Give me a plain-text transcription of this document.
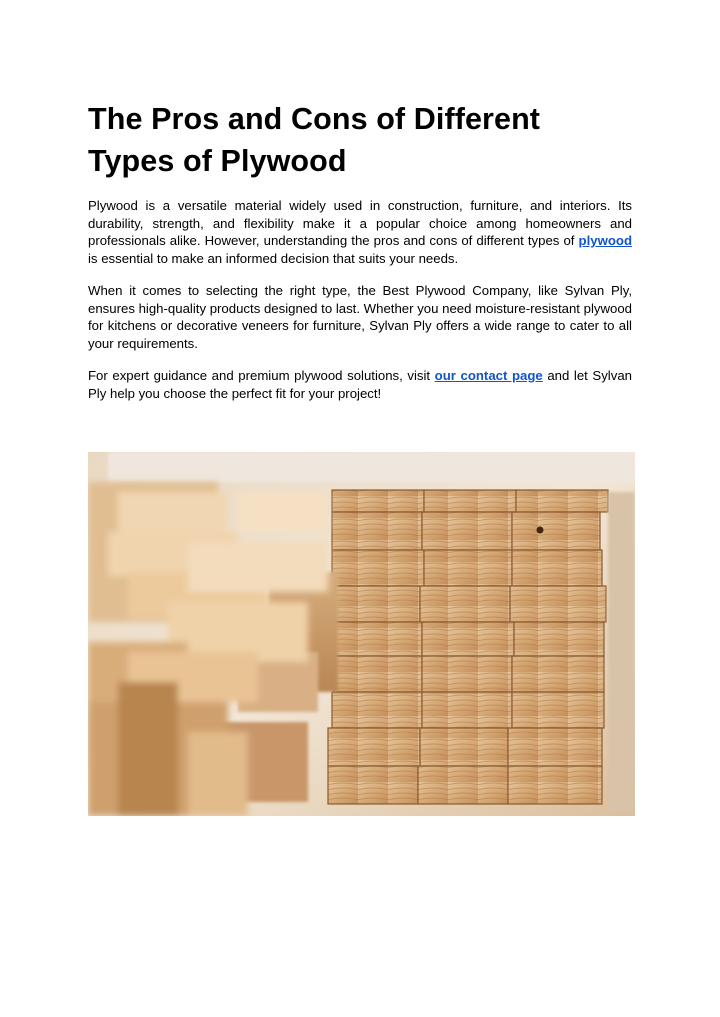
The Pros and Cons of Different Types of Plywood

Plywood is a versatile material widely used in construction, furniture, and interiors. Its durability, strength, and flexibility make it a popular choice among homeowners and professionals alike. However, understanding the pros and cons of different types of plywood is essential to make an informed decision that suits your needs.

When it comes to selecting the right type, the Best Plywood Company, like Sylvan Ply, ensures high-quality products designed to last. Whether you need moisture-resistant plywood for kitchens or decorative veneers for furniture, Sylvan Ply offers a wide range to cater to all your requirements.

For expert guidance and premium plywood solutions, visit our contact page and let Sylvan Ply help you choose the perfect fit for your project!
